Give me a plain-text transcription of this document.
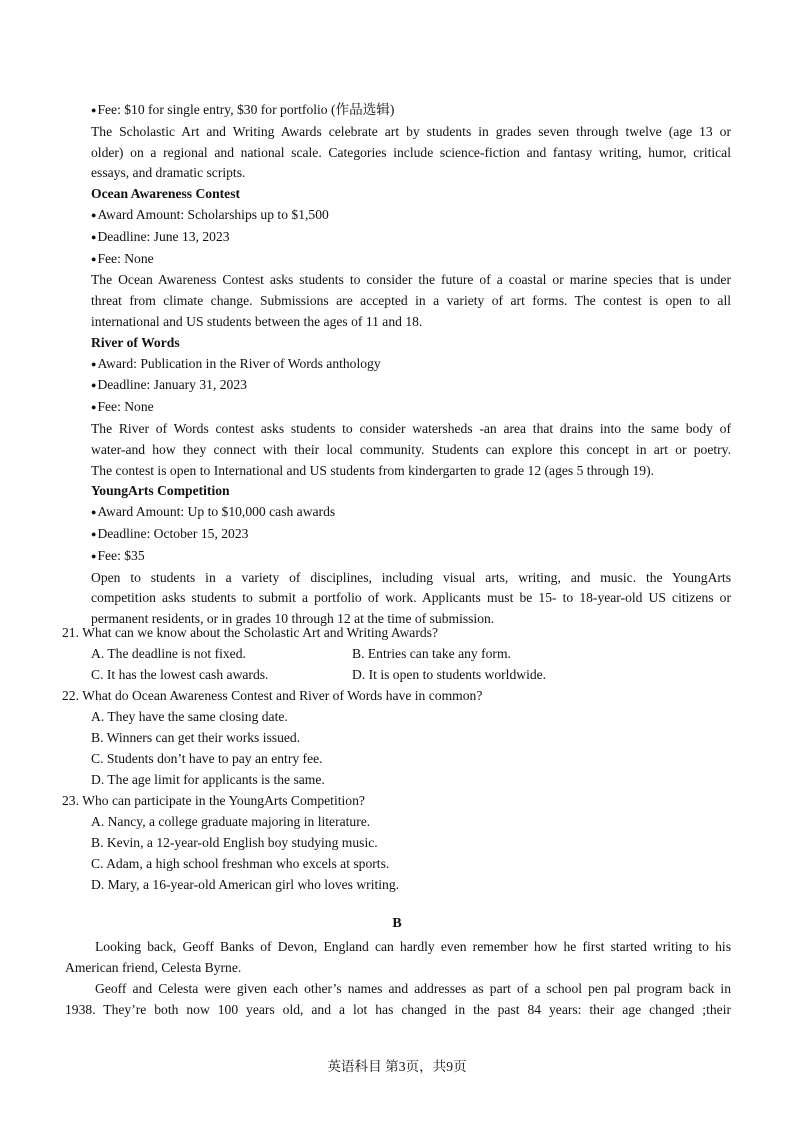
● Fee: $10 for single entry, $30 for portfolio (作品选辑)
The Scholastic Art and Writing Awards celebrate art by students in grades seven through twelve (age 13 or
older) on a regional and national scale. Categories include science-fiction and fantasy writing, humor, critical
essays, and dramatic scripts.
Ocean Awareness Contest
● Award Amount: Scholarships up to $1,500
● Deadline: June 13, 2023
● Fee: None
The Ocean Awareness Contest asks students to consider the future of a coastal or marine species that is under
threat from climate change. Submissions are accepted in a variety of art forms. The contest is open to all
international and US students between the ages of 11 and 18.
River of Words
● Award: Publication in the River of Words anthology
● Deadline: January 31, 2023
● Fee: None
The River of Words contest asks students to consider watersheds -an area that drains into the same body of
water-and how they connect with their local community. Students can explore this concept in art or poetry.
The contest is open to International and US students from kindergarten to grade 12 (ages 5 through 19).
YoungArts Competition
● Award Amount: Up to $10,000 cash awards
● Deadline: October 15, 2023
● Fee: $35
Open to students in a variety of disciplines, including visual arts, writing, and music. the YoungArts
competition asks students to submit a portfolio of work. Applicants must be 15- to 18-year-old US citizens or
permanent residents, or in grades 10 through 12 at the time of submission.
21. What can we know about the Scholastic Art and Writing Awards?
A. The deadline is not fixed.	B. Entries can take any form.
C. It has the lowest cash awards.	D. It is open to students worldwide.
22. What do Ocean Awareness Contest and River of Words have in common?
A. They have the same closing date.
B. Winners can get their works issued.
C. Students don’t have to pay an entry fee.
D. The age limit for applicants is the same.
23. Who can participate in the YoungArts Competition?
A. Nancy, a college graduate majoring in literature.
B. Kevin, a 12-year-old English boy studying music.
C. Adam, a high school freshman who excels at sports.
D. Mary, a 16-year-old American girl who loves writing.
B
Looking back, Geoff Banks of Devon, England can hardly even remember how he first started writing to his
American friend, Celesta Byrne.
Geoff and Celesta were given each other’s names and addresses as part of a school pen pal program back in
1938. They’re both now 100 years old, and a lot has changed in the past 84 years: their age changed ;their
英语科目 第3页，共9页
